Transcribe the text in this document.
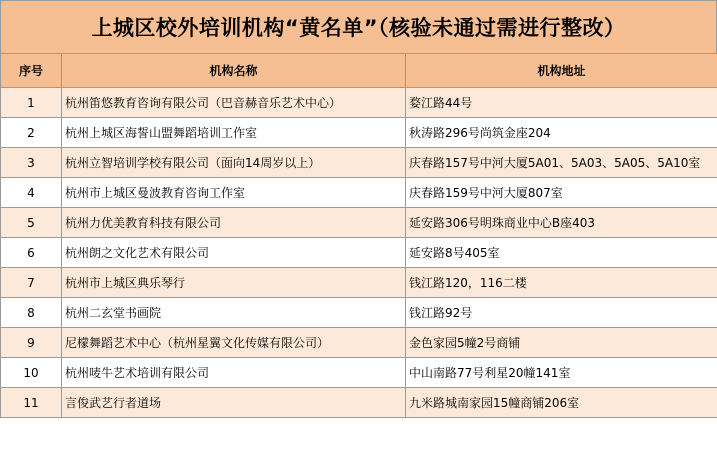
上城区校外培训机构“黄名单”（核验未通过需进行整改）
序号	机构名称	机构地址
1	杭州笛悠教育咨询有限公司（巴音赫音乐艺术中心）	婺江路44号
2	杭州上城区海誓山盟舞蹈培训工作室	秋涛路296号尚筑金座204
3	杭州立智培训学校有限公司（面向14周岁以上）	庆春路157号中河大厦5A01、5A03、5A05、5A10室
4	杭州市上城区曼波教育咨询工作室	庆春路159号中河大厦807室
5	杭州力优美教育科技有限公司	延安路306号明珠商业中心B座403
6	杭州朗之文化艺术有限公司	延安路8号405室
7	杭州市上城区典乐琴行	钱江路120，116二楼
8	杭州二玄堂书画院	钱江路92号
9	尼檬舞蹈艺术中心（杭州星翼文化传媒有限公司）	金色家园5幢2号商铺
10	杭州唛牛艺术培训有限公司	中山南路77号利星20幢141室
11	言俊武艺行者道场	九米路城南家园15幢商铺206室
